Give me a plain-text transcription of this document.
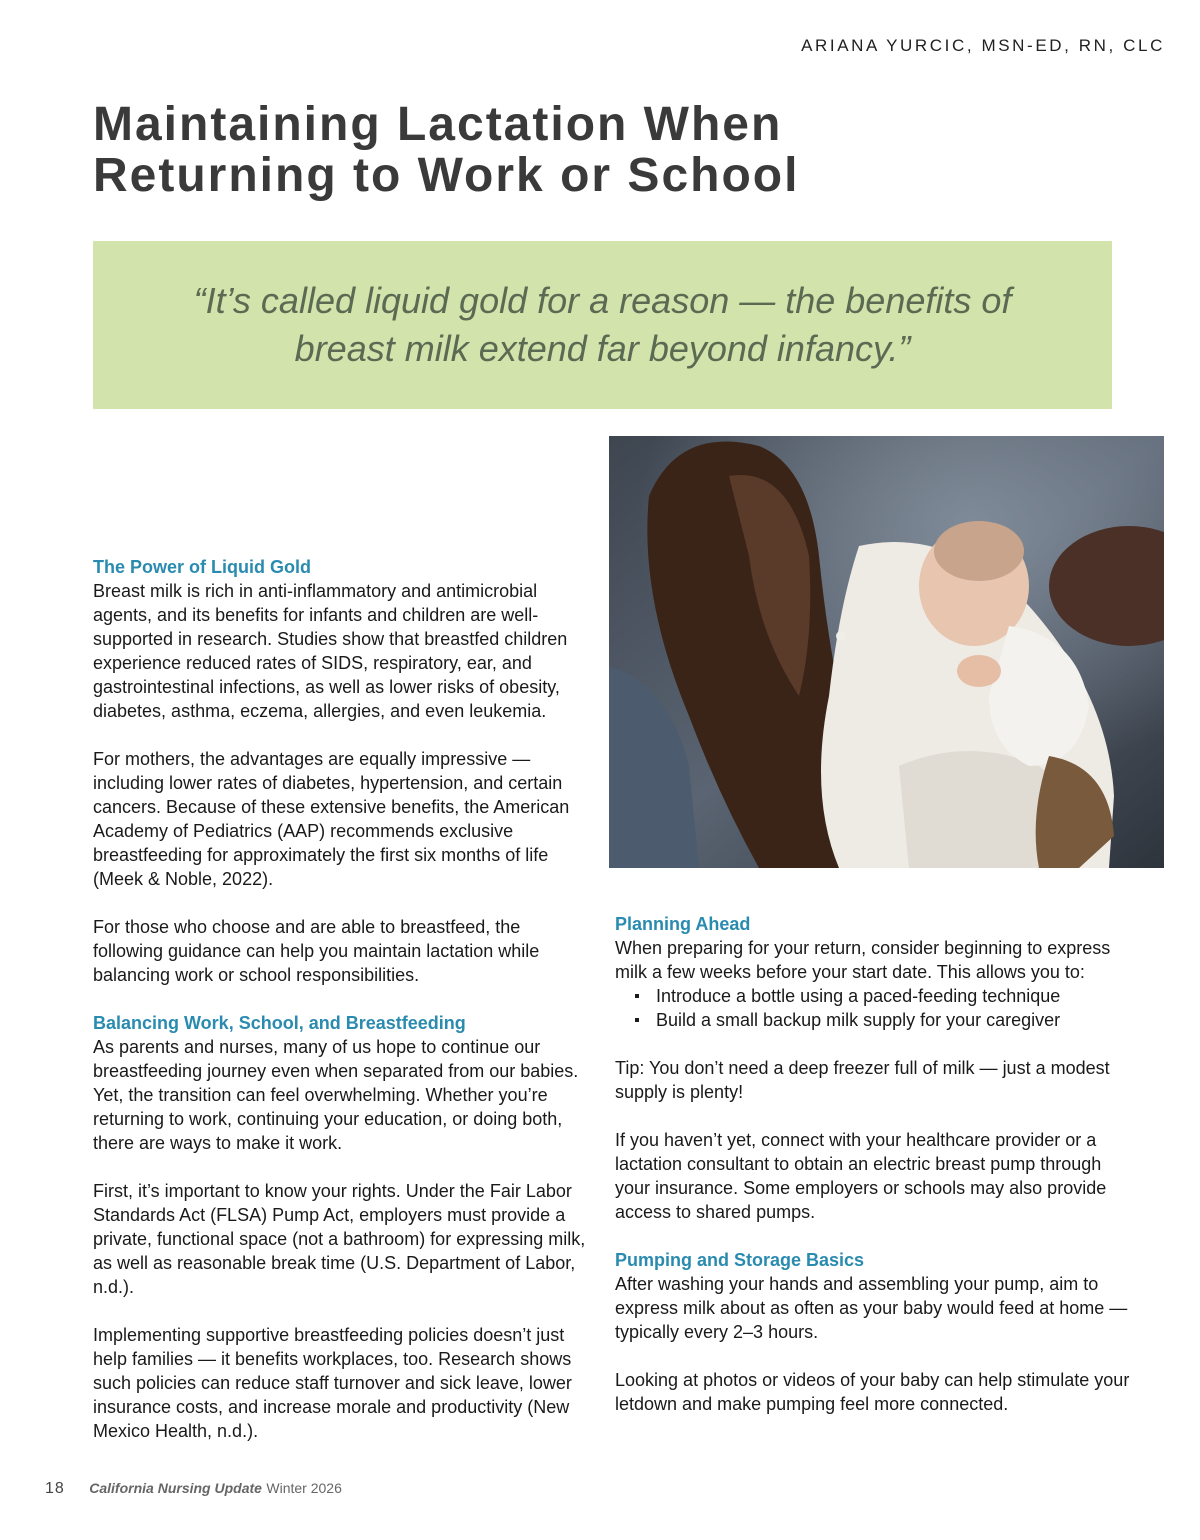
ARIANA YURCIC, MSN-ED, RN, CLC

Maintaining Lactation When
Returning to Work or School

“It’s called liquid gold for a reason — the benefits of
breast milk extend far beyond infancy.”

The Power of Liquid Gold

Breast milk is rich in anti-inflammatory and antimicrobial agents, and its benefits for infants and children are well-supported in research. Studies show that breastfed children experience reduced rates of SIDS, respiratory, ear, and gastrointestinal infections, as well as lower risks of obesity, diabetes, asthma, eczema, allergies, and even leukemia.

For mothers, the advantages are equally impressive — including lower rates of diabetes, hypertension, and certain cancers. Because of these extensive benefits, the American Academy of Pediatrics (AAP) recommends exclusive breastfeeding for approximately the first six months of life (Meek & Noble, 2022).

For those who choose and are able to breastfeed, the following guidance can help you maintain lactation while balancing work or school responsibilities.

Balancing Work, School, and Breastfeeding

As parents and nurses, many of us hope to continue our breastfeeding journey even when separated from our babies. Yet, the transition can feel overwhelming. Whether you’re returning to work, continuing your education, or doing both, there are ways to make it work.

First, it’s important to know your rights. Under the Fair Labor Standards Act (FLSA) Pump Act, employers must provide a private, functional space (not a bathroom) for expressing milk, as well as reasonable break time (U.S. Department of Labor, n.d.).

Implementing supportive breastfeeding policies doesn’t just help families — it benefits workplaces, too. Research shows such policies can reduce staff turnover and sick leave, lower insurance costs, and increase morale and productivity (New Mexico Health, n.d.).

Planning Ahead

When preparing for your return, consider beginning to express milk a few weeks before your start date. This allows you to:

Introduce a bottle using a paced-feeding technique
Build a small backup milk supply for your caregiver

Tip: You don’t need a deep freezer full of milk — just a modest supply is plenty!

If you haven’t yet, connect with your healthcare provider or a lactation consultant to obtain an electric breast pump through your insurance. Some employers or schools may also provide access to shared pumps.

Pumping and Storage Basics

After washing your hands and assembling your pump, aim to express milk about as often as your baby would feed at home — typically every 2–3 hours.

Looking at photos or videos of your baby can help stimulate your letdown and make pumping feel more connected.

18 California Nursing Update Winter 2026
